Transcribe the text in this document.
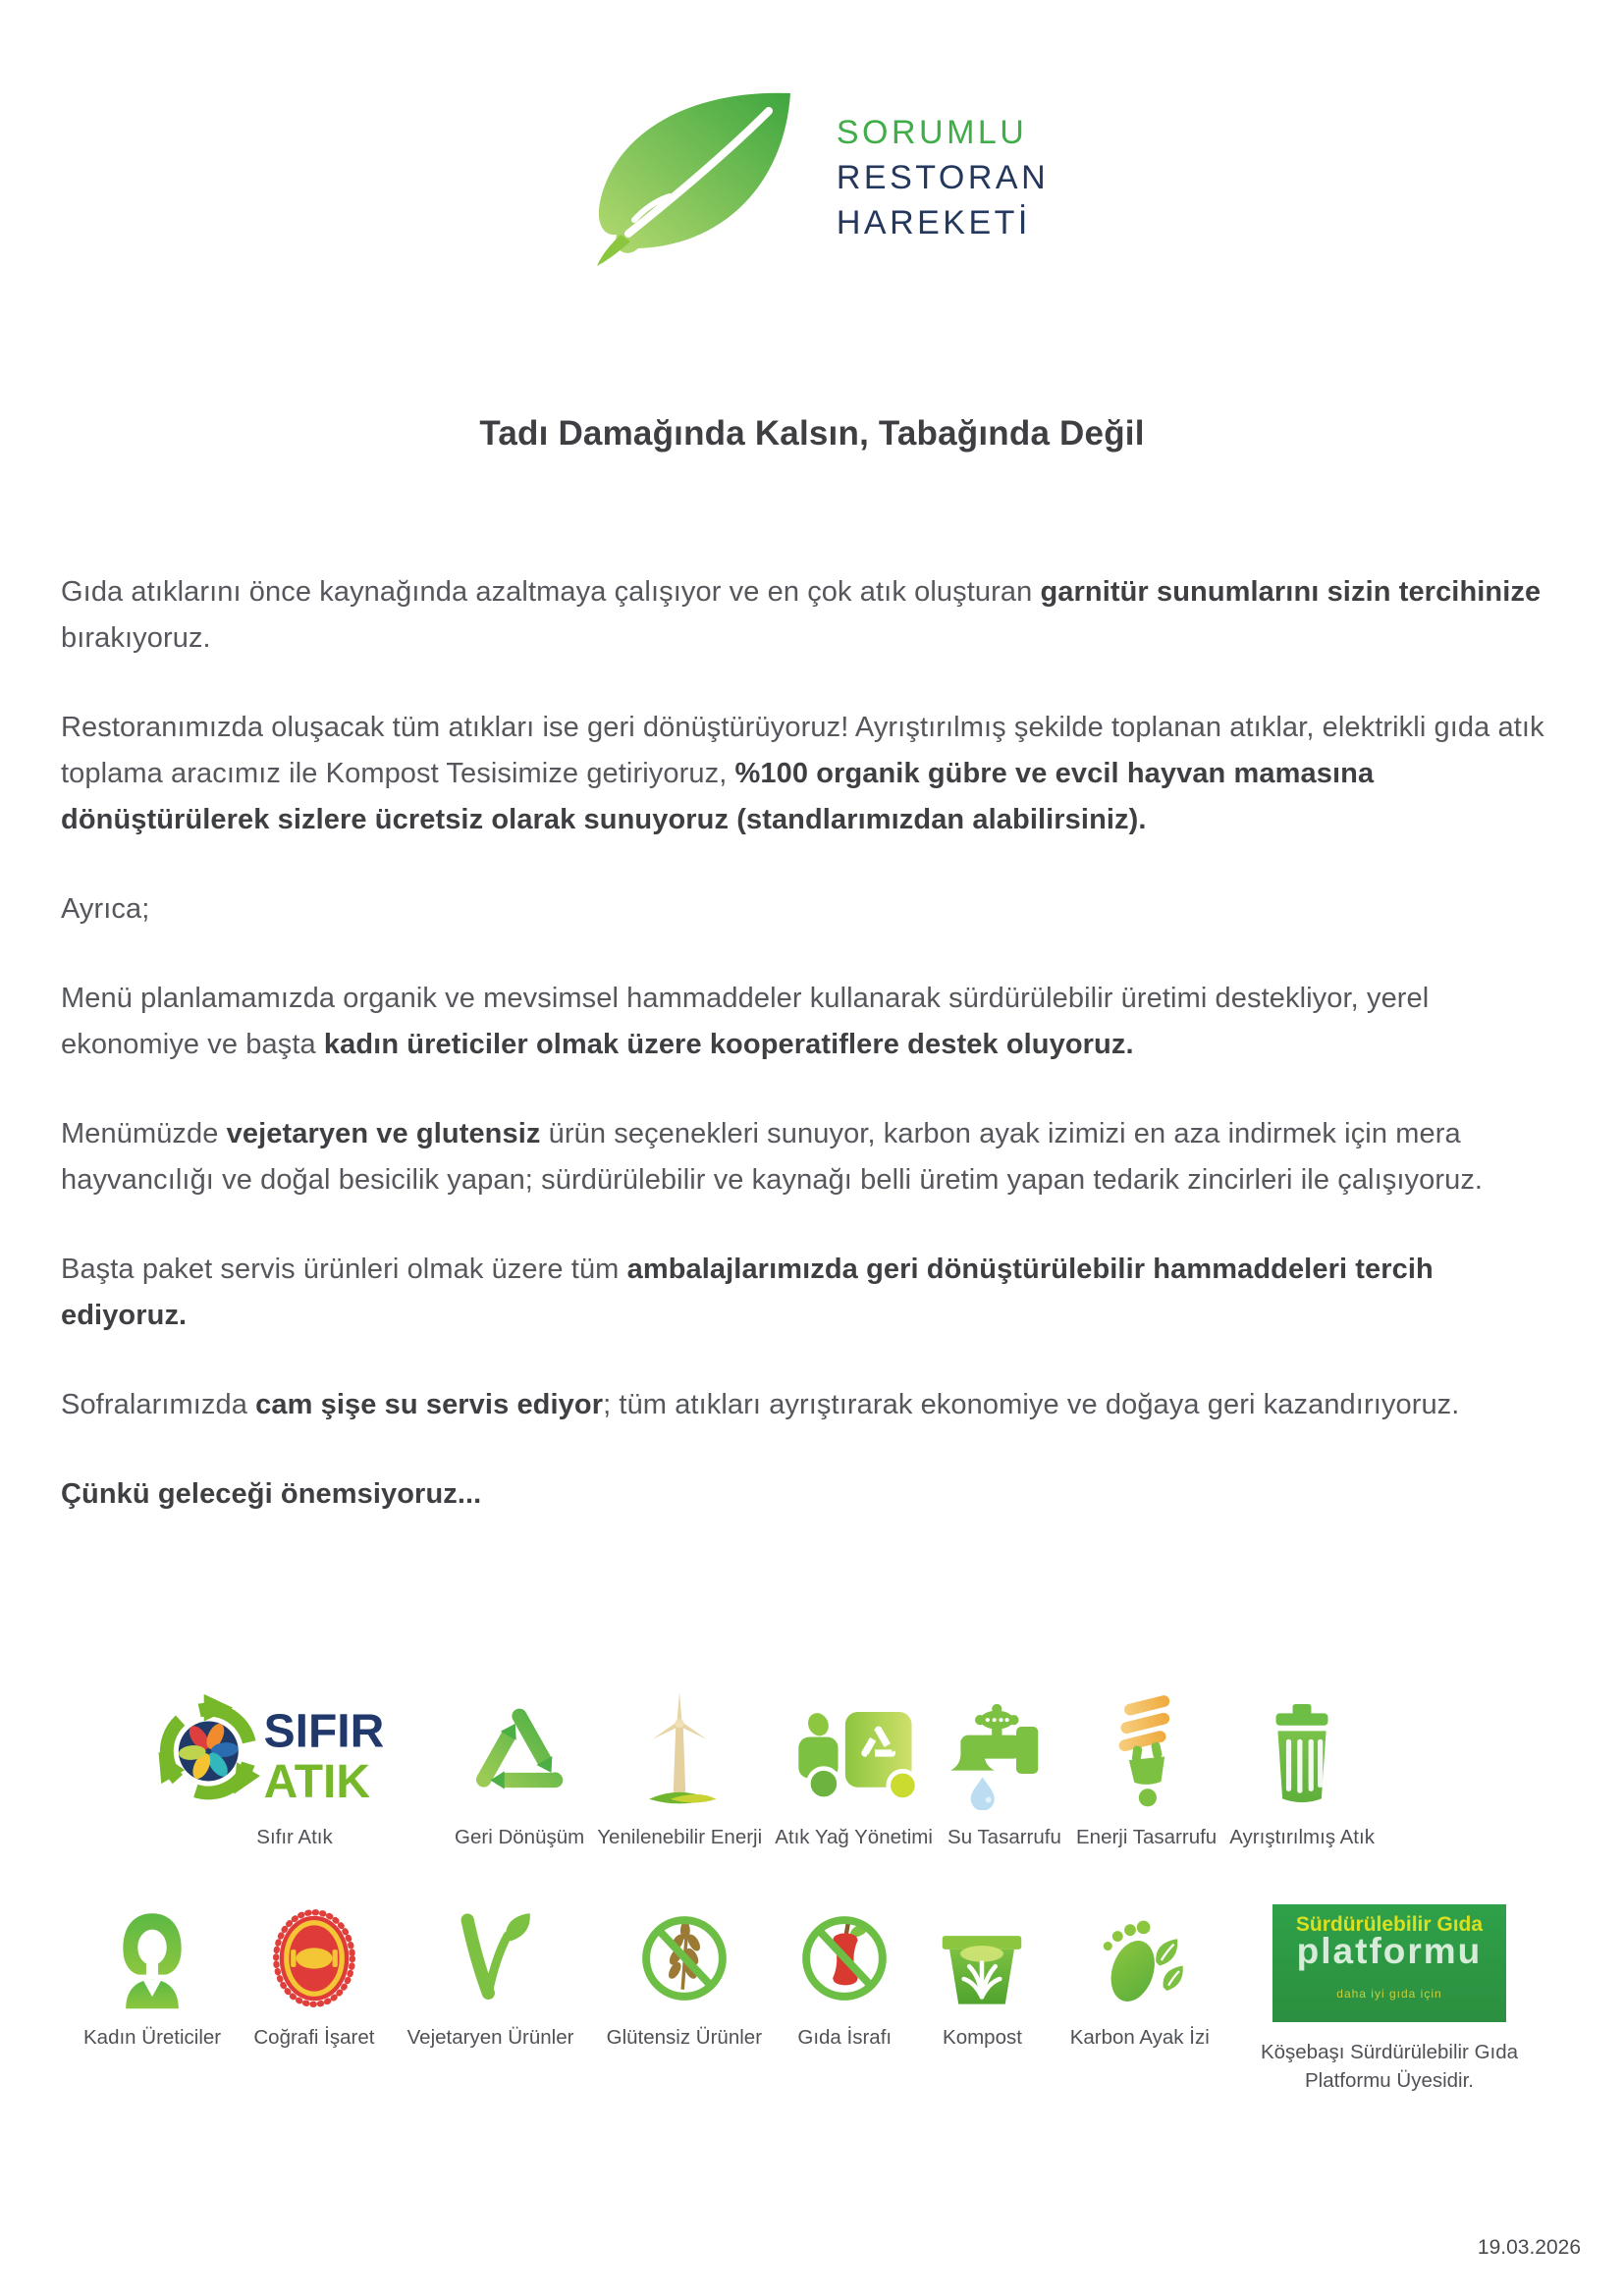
SORUMLU
RESTORAN
HAREKETİ
Tadı Damağında Kalsın, Tabağında Değil

Gıda atıklarını önce kaynağında azaltmaya çalışıyor ve en çok atık oluşturan garnitür sunumlarını sizin tercihinize bırakıyoruz.

Restoranımızda oluşacak tüm atıkları ise geri dönüştürüyoruz! Ayrıştırılmış şekilde toplanan atıklar, elektrikli gıda atık toplama aracımız ile Kompost Tesisimize getiriyoruz, %100 organik gübre ve evcil hayvan mamasına dönüştürülerek sizlere ücretsiz olarak sunuyoruz (standlarımızdan alabilirsiniz).

Ayrıca;

Menü planlamamızda organik ve mevsimsel hammaddeler kullanarak sürdürülebilir üretimi destekliyor, yerel ekonomiye ve başta kadın üreticiler olmak üzere kooperatiflere destek oluyoruz.

Menümüzde vejetaryen ve glutensiz ürün seçenekleri sunuyor, karbon ayak izimizi en aza indirmek için mera hayvancılığı ve doğal besicilik yapan; sürdürülebilir ve kaynağı belli üretim yapan tedarik zincirleri ile çalışıyoruz.

Başta paket servis ürünleri olmak üzere tüm ambalajlarımızda geri dönüştürülebilir hammaddeleri tercih ediyoruz.

Sofralarımızda cam şişe su servis ediyor; tüm atıkları ayrıştırarak ekonomiye ve doğaya geri kazandırıyoruz.

Çünkü geleceği önemsiyoruz...

SIFIR
ATIK
Sıfır Atık	Geri Dönüşüm Yenilenebilir Enerji Atık Yağ Yönetimi Su Tasarrufu Enerji Tasarrufu Ayrıştırılmış Atık
Kadın Üreticiler Coğrafi İşaret Vejetaryen Ürünler Glütensiz Ürünler Gıda İsrafı	Kompost Karbon Ayak İzi
Sürdürülebilir Gıda
platformu
daha iyi gıda için
Köşebaşı Sürdürülebilir Gıda Platformu Üyesidir.
19.03.2026
